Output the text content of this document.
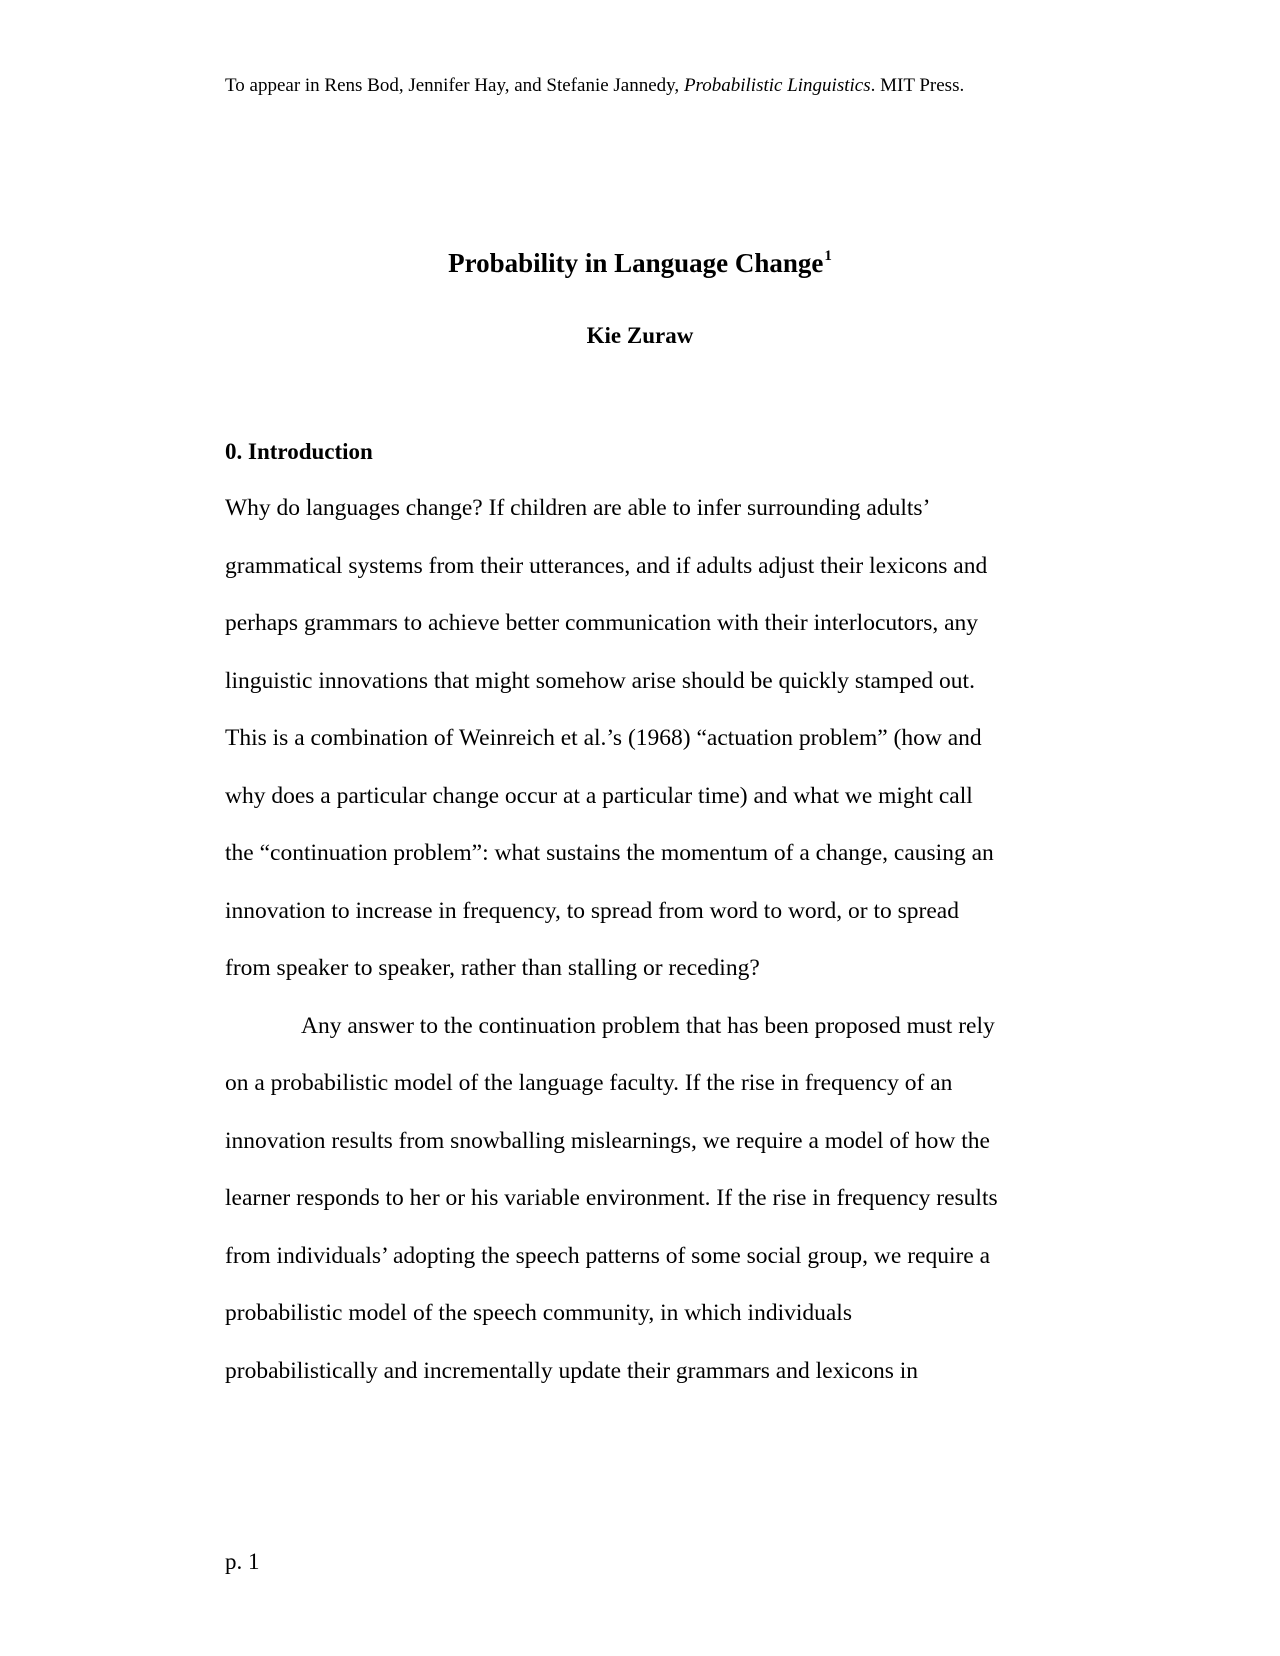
To appear in Rens Bod, Jennifer Hay, and Stefanie Jannedy, Probabilistic Linguistics. MIT Press.
Probability in Language Change$^1$
Kie Zuraw
0. Introduction
Why do languages change? If children are able to infer surrounding adults’
grammatical systems from their utterances, and if adults adjust their lexicons and
perhaps grammars to achieve better communication with their interlocutors, any
linguistic innovations that might somehow arise should be quickly stamped out.
This is a combination of Weinreich et al.’s (1968) “actuation problem” (how and
why does a particular change occur at a particular time) and what we might call
the “continuation problem”: what sustains the momentum of a change, causing an
innovation to increase in frequency, to spread from word to word, or to spread
from speaker to speaker, rather than stalling or receding?
Any answer to the continuation problem that has been proposed must rely
on a probabilistic model of the language faculty. If the rise in frequency of an
innovation results from snowballing mislearnings, we require a model of how the
learner responds to her or his variable environment. If the rise in frequency results
from individuals’ adopting the speech patterns of some social group, we require a
probabilistic model of the speech community, in which individuals
probabilistically and incrementally update their grammars and lexicons in
p. 1
